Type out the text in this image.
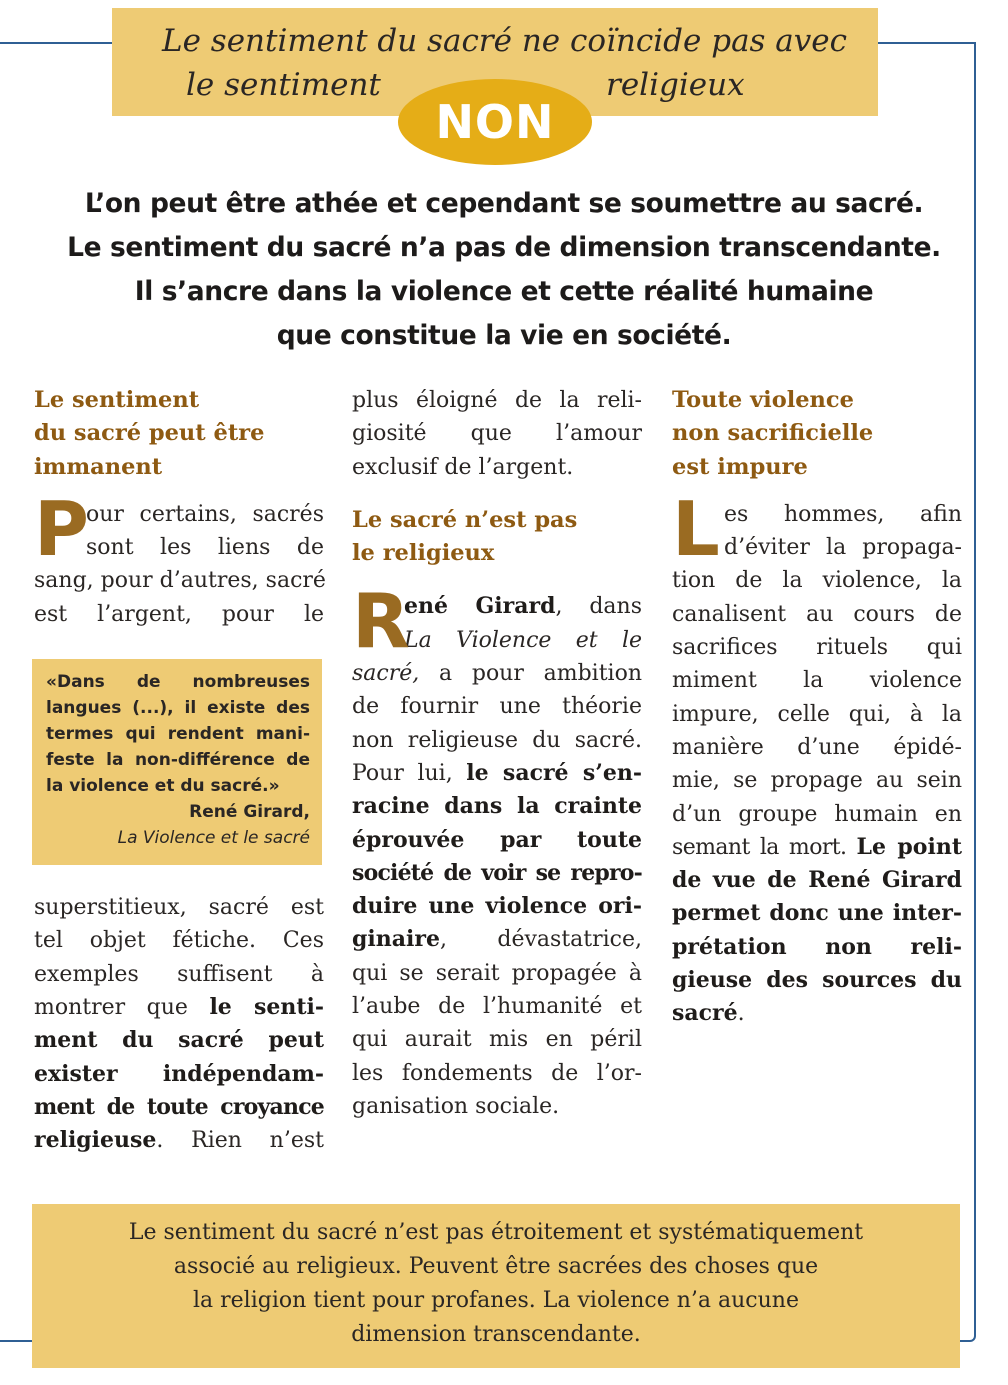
Le sentiment du sacré ne coïncide pas avec
le sentiment	religieux
NON
L’on peut être athée et cependant se soumettre au sacré.
Le sentiment du sacré n’a pas de dimension transcendante.
Il s’ancre dans la violence et cette réalité humaine
que constitue la vie en société.
Le sentiment
du sacré peut être
immanent
P
our certains, sacrés
sont les liens de
sang, pour d’autres, sacré
est l’argent, pour le
«Dans de nombreuses
langues (...), il existe des
termes qui rendent mani-
feste la non-différence de
la violence et du sacré.»
René Girard,
La Violence et le sacré
superstitieux, sacré est
tel objet fétiche. Ces
exemples suffisent à
montrer que le senti-
ment du sacré peut
exister indépendam-
ment de toute croyance
religieuse. Rien n’est
plus éloigné de la reli-
giosité que l’amour
exclusif de l’argent.
Le sacré n’est pas
le religieux
R
ené Girard, dans
La Violence et le
sacré, a pour ambition
de fournir une théorie
non religieuse du sacré.
Pour lui, le sacré s’en-
racine dans la crainte
éprouvée par toute
société de voir se repro-
duire une violence ori-
ginaire, dévastatrice,
qui se serait propagée à
l’aube de l’humanité et
qui aurait mis en péril
les fondements de l’or-
ganisation sociale.
Toute violence
non sacrificielle
est impure
L es hommes, afin
d’éviter la propaga-
tion de la violence, la
canalisent au cours de
sacrifices rituels qui
miment la violence
impure, celle qui, à la
manière d’une épidé-
mie, se propage au sein
d’un groupe humain en
semant la mort. Le point
de vue de René Girard
permet donc une inter-
prétation non reli-
gieuse des sources du
sacré.
Le sentiment du sacré n’est pas étroitement et systématiquement
associé au religieux. Peuvent être sacrées des choses que
la religion tient pour profanes. La violence n’a aucune
dimension transcendante.
